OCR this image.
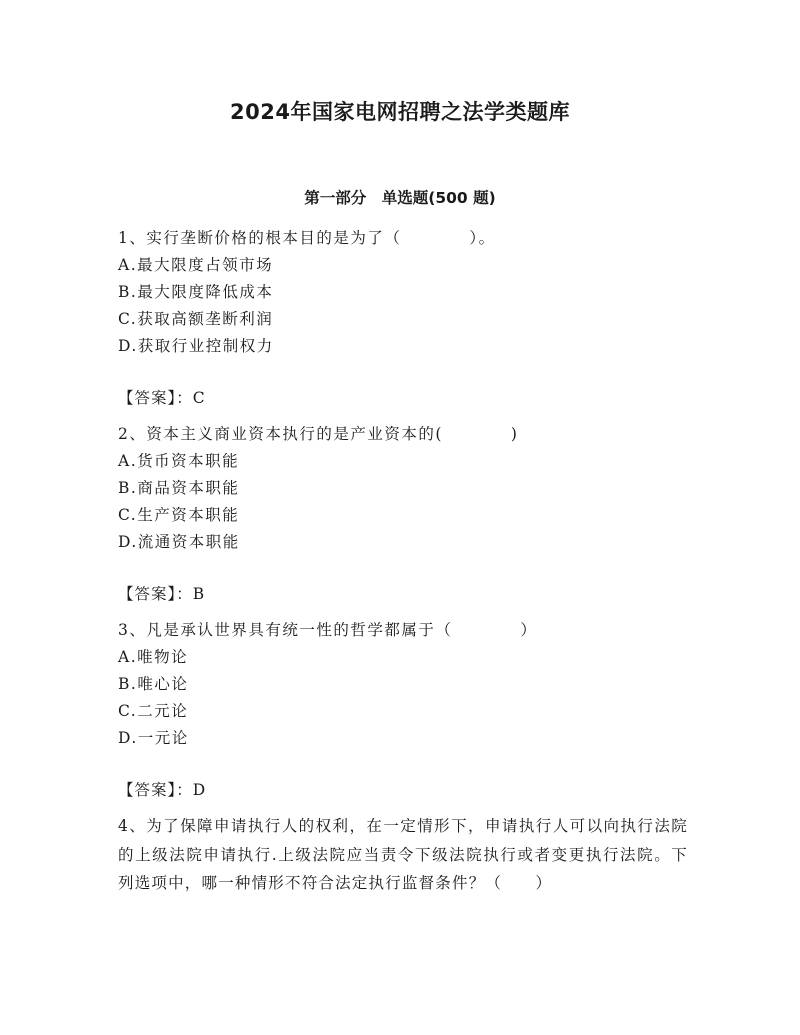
2024年国家电网招聘之法学类题库
第一部分　单选题(500 题)
1、实行垄断价格的根本目的是为了（　　　　）。
A.最大限度占领市场
B.最大限度降低成本
C.获取高额垄断利润
D.获取行业控制权力
【答案】：C
2、资本主义商业资本执行的是产业资本的(　　　　)
A.货币资本职能
B.商品资本职能
C.生产资本职能
D.流通资本职能
【答案】：B
3、凡是承认世界具有统一性的哲学都属于（　　　　）
A.唯物论
B.唯心论
C.二元论
D.一元论
【答案】：D
4、为了保障申请执行人的权利，在一定情形下，申请执行人可以向执行法院的上级法院申请执行.上级法院应当责令下级法院执行或者变更执行法院。下列选项中，哪一种情形不符合法定执行监督条件？（　　）
